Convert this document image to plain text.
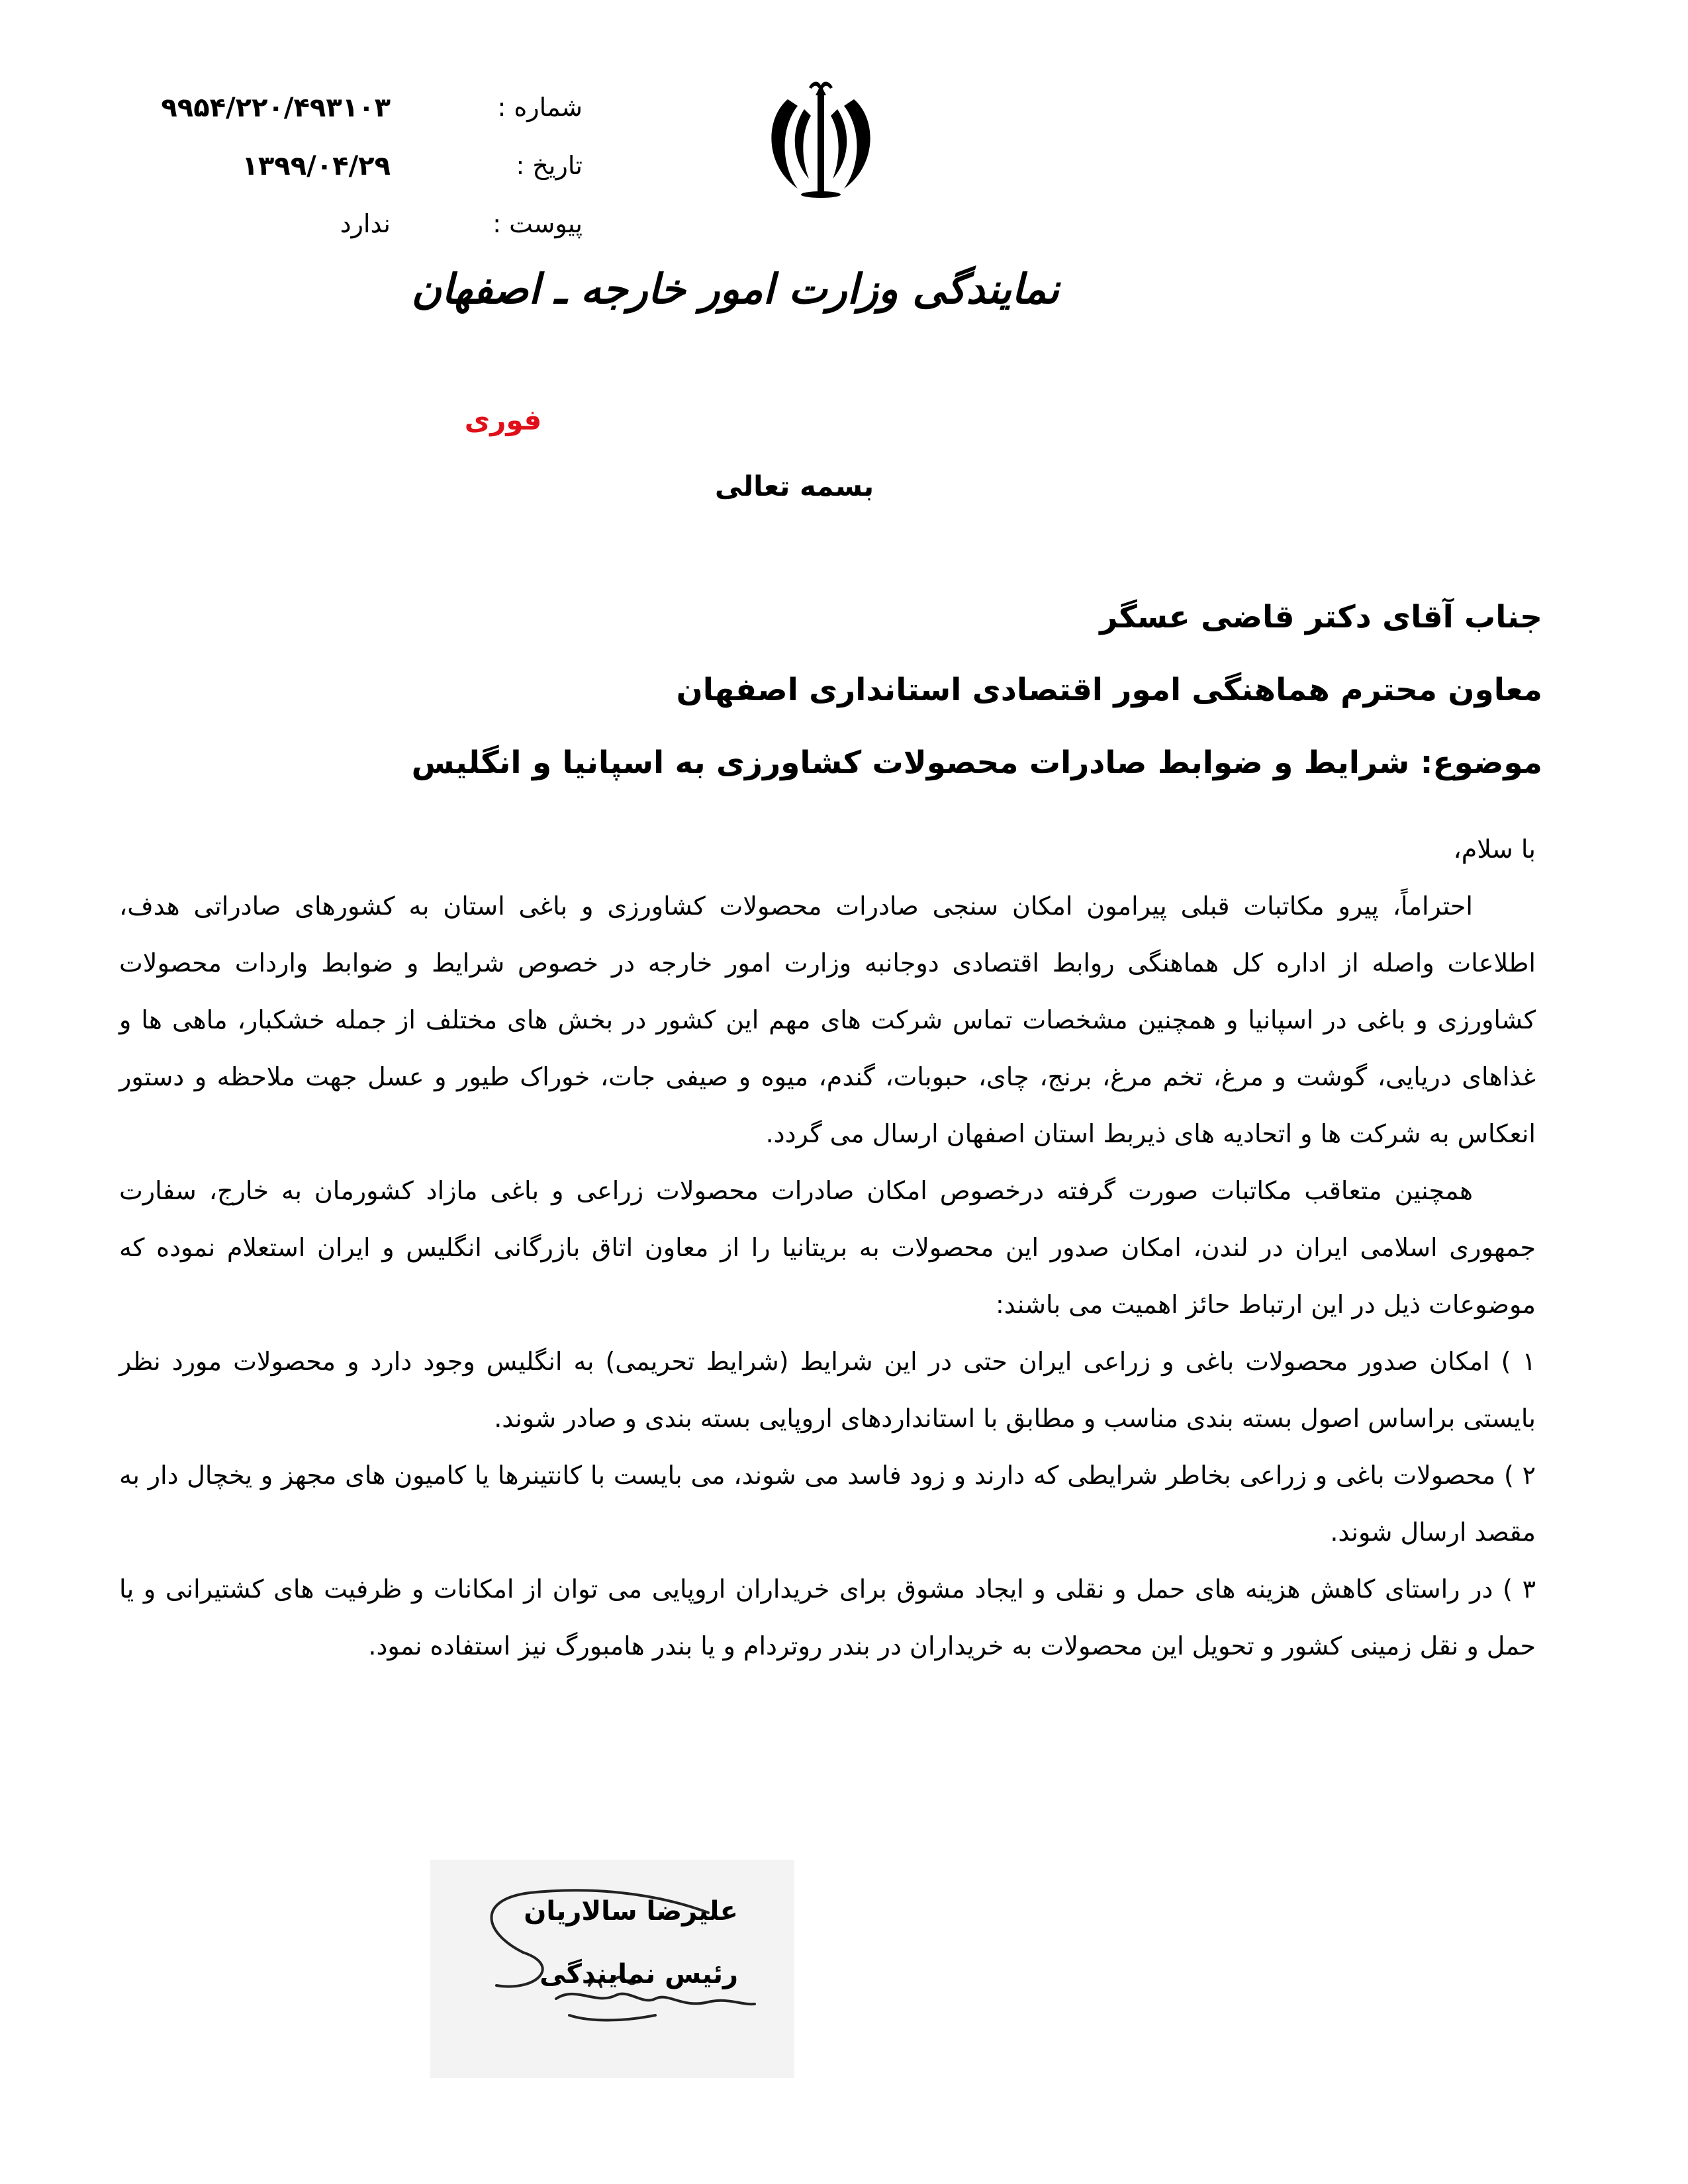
شماره :
۹۹۵۴/۲۲۰/۴۹۳۱۰۳
تاریخ :
۱۳۹۹/۰۴/۲۹
پیوست :
ندارد
نمایندگی وزارت امور خارجه ـ اصفهان
فوری
بسمه تعالی
جناب آقای دکتر قاضی عسگر
معاون محترم هماهنگی امور اقتصادی استانداری اصفهان
موضوع: شرایط و ضوابط صادرات محصولات کشاورزی به اسپانیا و انگلیس

با سلام،

احتراماً، پیرو مکاتبات قبلی پیرامون امکان سنجی صادرات محصولات کشاورزی و باغی استان به کشورهای صادراتی هدف، اطلاعات واصله از اداره کل هماهنگی روابط اقتصادی دوجانبه وزارت امور خارجه در خصوص شرایط و ضوابط واردات محصولات کشاورزی و باغی در اسپانیا و همچنین مشخصات تماس شرکت های مهم این کشور در بخش های مختلف از جمله خشکبار، ماهی ها و غذاهای دریایی، گوشت و مرغ، تخم مرغ، برنج، چای، حبوبات، گندم، میوه و صیفی جات، خوراک طیور و عسل جهت ملاحظه و دستور انعکاس به شرکت ها و اتحادیه های ذیربط استان اصفهان ارسال می گردد.

همچنین متعاقب مکاتبات صورت گرفته درخصوص امکان صادرات محصولات زراعی و باغی مازاد کشورمان به خارج، سفارت جمهوری اسلامی ایران در لندن، امکان صدور این محصولات به بریتانیا را از معاون اتاق بازرگانی انگلیس و ایران استعلام نموده که موضوعات ذیل در این ارتباط حائز اهمیت می باشند:

۱ ) امکان صدور محصولات باغی و زراعی ایران حتی در این شرایط (شرایط تحریمی) به انگلیس وجود دارد و محصولات مورد نظر بایستی براساس اصول بسته بندی مناسب و مطابق با استانداردهای اروپایی بسته بندی و صادر شوند.

۲ ) محصولات باغی و زراعی بخاطر شرایطی که دارند و زود فاسد می شوند، می بایست با کانتینرها یا کامیون های مجهز و یخچال دار به مقصد ارسال شوند.

۳ ) در راستای کاهش هزینه های حمل و نقلی و ایجاد مشوق برای خریداران اروپایی می توان از امکانات و ظرفیت های کشتیرانی و یا حمل و نقل زمینی کشور و تحویل این محصولات به خریداران در بندر روتردام و یا بندر هامبورگ نیز استفاده نمود.

علیرضا سالاریان
رئیس نمایندگی
